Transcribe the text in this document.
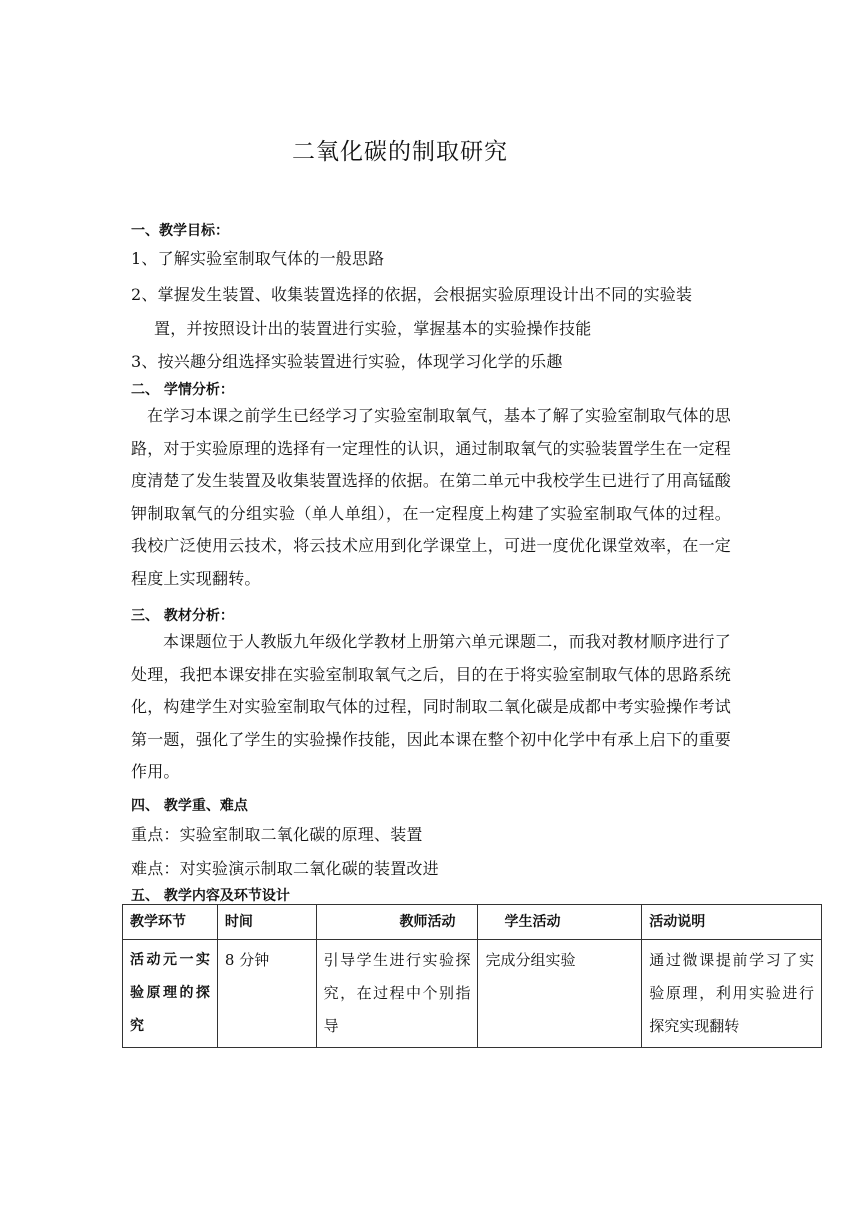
二氧化碳的制取研究
一、教学目标：
1、了解实验室制取气体的一般思路
2、掌握发生装置、收集装置选择的依据，会根据实验原理设计出不同的实验装
置，并按照设计出的装置进行实验，掌握基本的实验操作技能
3、按兴趣分组选择实验装置进行实验，体现学习化学的乐趣
二、 学情分析：
在学习本课之前学生已经学习了实验室制取氧气，基本了解了实验室制取气体的思路，对于实验原理的选择有一定理性的认识，通过制取氧气的实验装置学生在一定程度清楚了发生装置及收集装置选择的依据。在第二单元中我校学生已进行了用高锰酸钾制取氧气的分组实验（单人单组），在一定程度上构建了实验室制取气体的过程。我校广泛使用云技术，将云技术应用到化学课堂上，可进一度优化课堂效率，在一定程度上实现翻转。
三、 教材分析：
本课题位于人教版九年级化学教材上册第六单元课题二，而我对教材顺序进行了处理，我把本课安排在实验室制取氧气之后，目的在于将实验室制取气体的思路系统化，构建学生对实验室制取气体的过程，同时制取二氧化碳是成都中考实验操作考试第一题，强化了学生的实验操作技能，因此本课在整个初中化学中有承上启下的重要作用。
四、 教学重、难点
重点：实验室制取二氧化碳的原理、装置
难点：对实验演示制取二氧化碳的装置改进
五、 教学内容及环节设计
教学环节	时间	教师活动	学生活动	活动说明
活动元一实验原理的探究	8 分钟	引导学生进行实验探究，在过程中个别指导	完成分组实验	通过微课提前学习了实验原理，利用实验进行探究实现翻转
